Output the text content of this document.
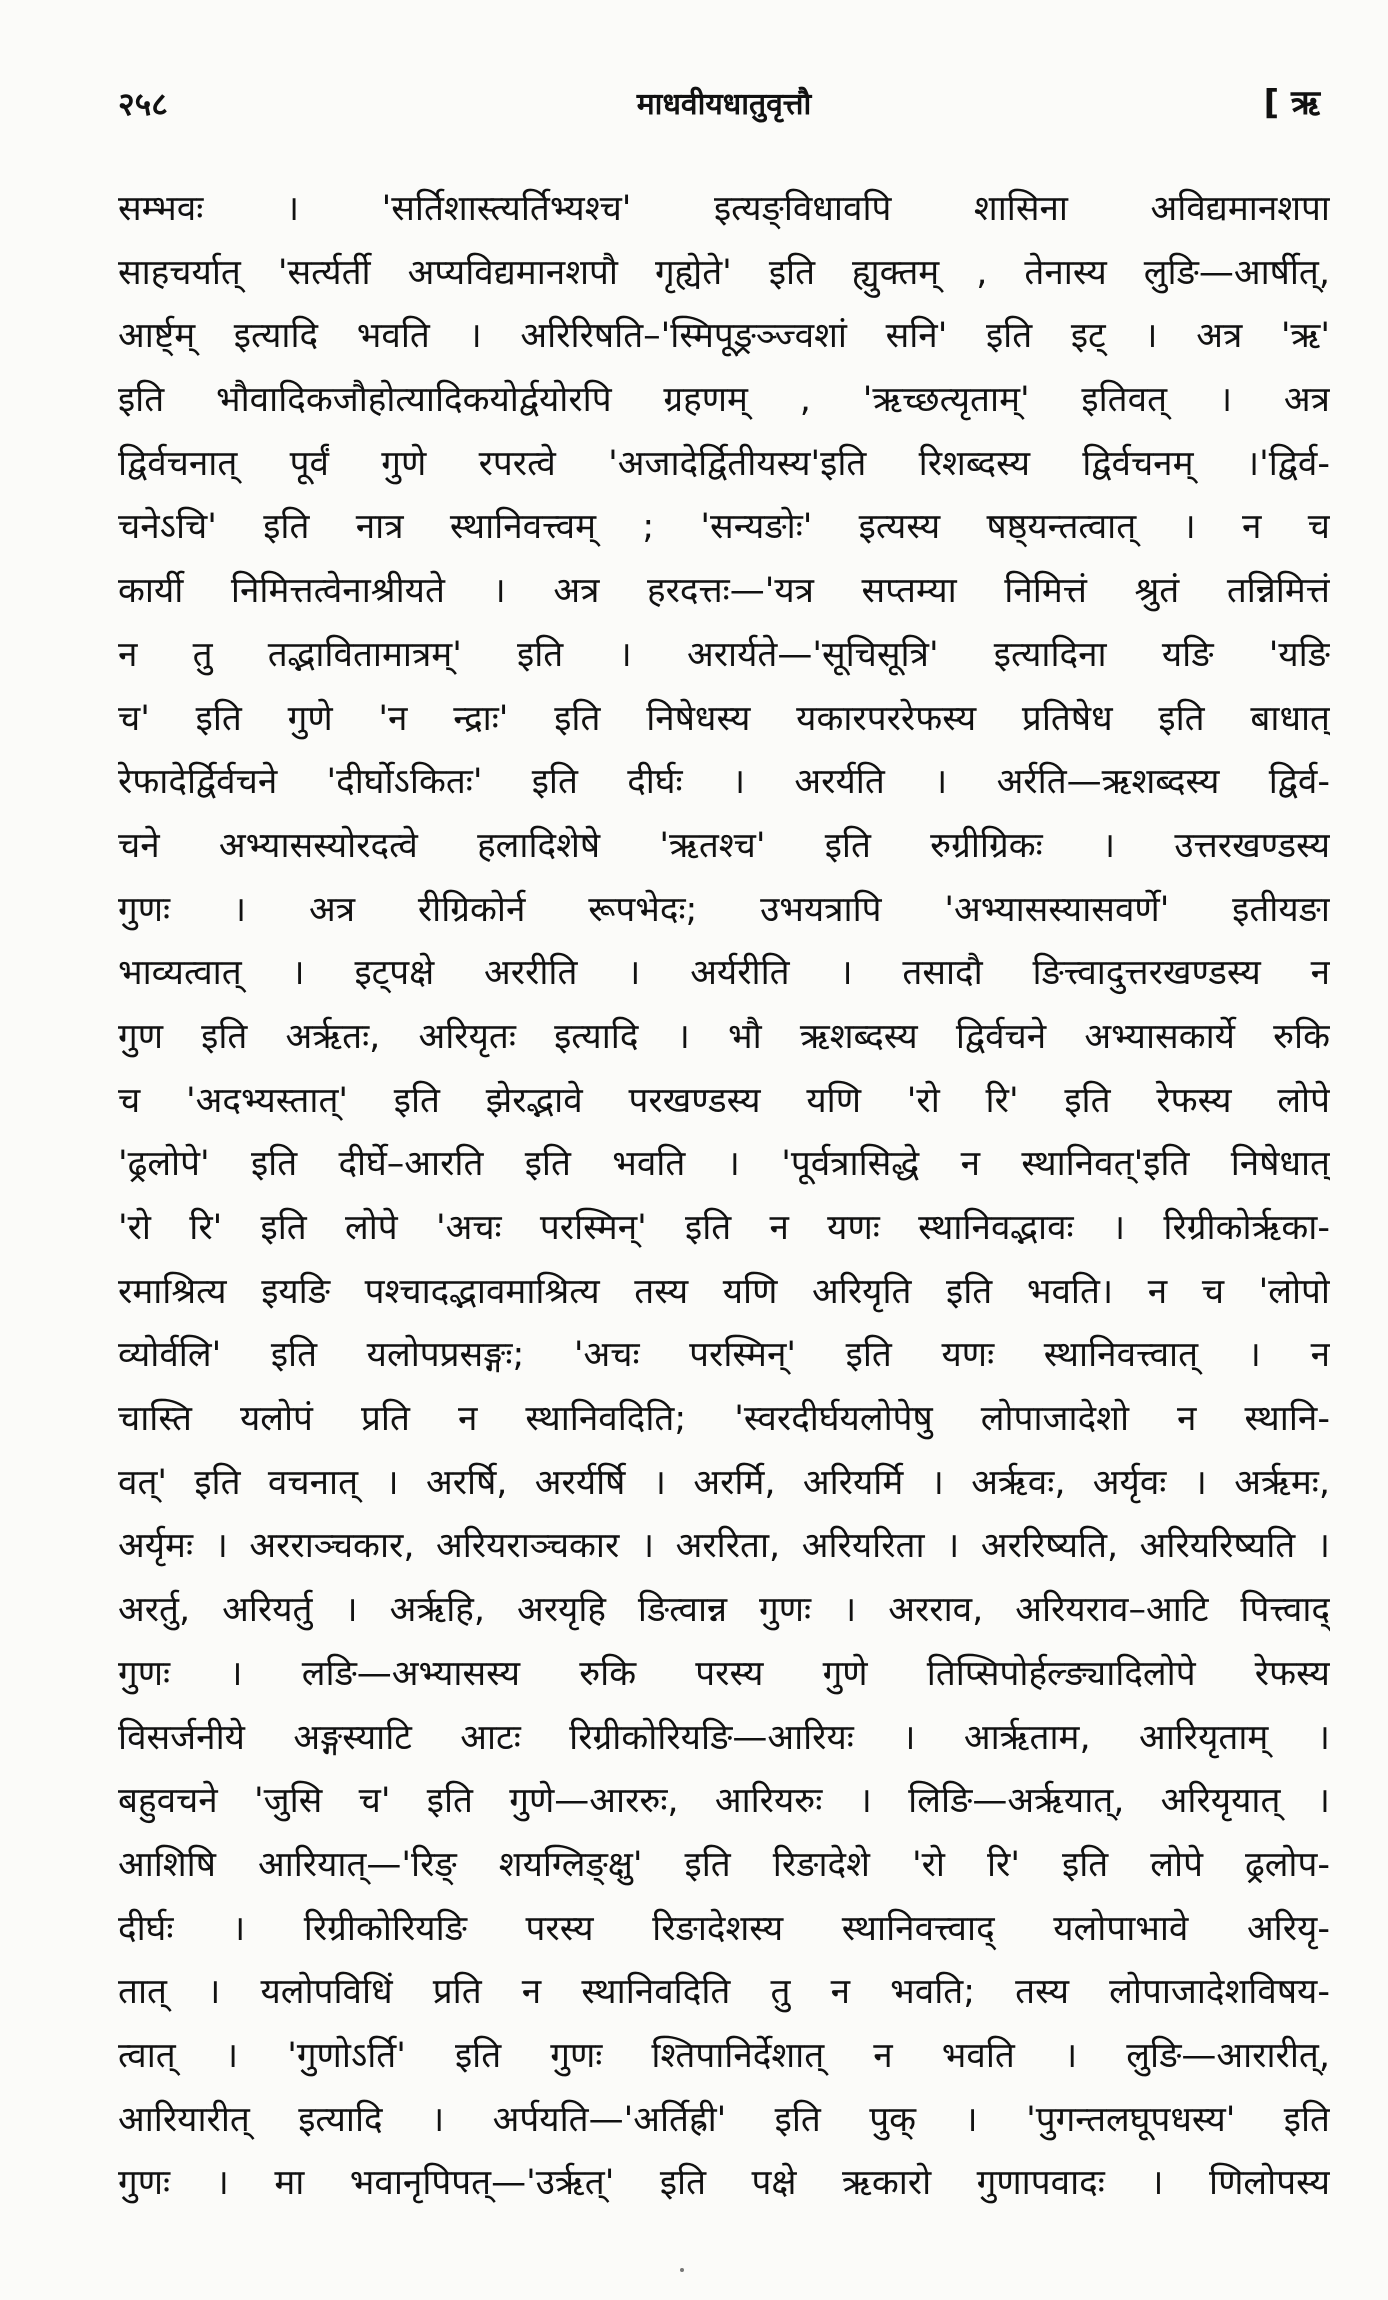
२५८	माधवीयधातुवृत्तौ	[ ऋ
सम्भवः । 'सर्तिशास्त्यर्तिभ्यश्च' इत्यङ्विधावपि शासिना अविद्यमानशपा
साहचर्यात् 'सर्त्यर्ती अप्यविद्यमानशपौ गृह्येते' इति ह्युक्तम् , तेनास्य लुङि—आर्षीत्,
आर्ष्ट्म् इत्यादि भवति । अरिरिषति–'स्मिपूङ्रञ्ज्वशां सनि' इति इट् । अत्र 'ऋ'
इति भौवादिकजौहोत्यादिकयोर्द्वयोरपि ग्रहणम् , 'ऋच्छत्यृताम्' इतिवत् । अत्र
द्विर्वचनात् पूर्वं गुणे रपरत्वे 'अजादेर्द्वितीयस्य'इति रिशब्दस्य द्विर्वचनम् ।'द्विर्व-
चनेऽचि' इति नात्र स्थानिवत्त्वम् ; 'सन्यङोः' इत्यस्य षष्ठ्यन्तत्वात् । न च
कार्यी निमित्तत्वेनाश्रीयते । अत्र हरदत्तः—'यत्र सप्तम्या निमित्तं श्रुतं तन्निमित्तं
न तु तद्भावितामात्रम्' इति । अरार्यते—'सूचिसूत्रि' इत्यादिना यङि 'यङि
च' इति गुणे 'न न्द्राः' इति निषेधस्य यकारपररेफस्य प्रतिषेध इति बाधात्
रेफादेर्द्विर्वचने 'दीर्घोऽकितः' इति दीर्घः । अरर्यति । अर्रति—ऋशब्दस्य द्विर्व-
चने अभ्यासस्योरदत्वे हलादिशेषे 'ऋतश्च' इति रुग्रीग्रिकः । उत्तरखण्डस्य
गुणः । अत्र रीग्रिकोर्न रूपभेदः; उभयत्रापि 'अभ्यासस्यासवर्णे' इतीयङा
भाव्यत्वात् । इट्पक्षे अररीति । अर्यरीति । तसादौ ङित्त्वादुत्तरखण्डस्य न
गुण इति अर्ऋतः, अरियृतः इत्यादि । भौ ऋशब्दस्य द्विर्वचने अभ्यासकार्ये रुकि
च 'अदभ्यस्तात्' इति झेरद्भावे परखण्डस्य यणि 'रो रि' इति रेफस्य लोपे
'ढ्रलोपे' इति दीर्घे–आरति इति भवति । 'पूर्वत्रासिद्धे न स्थानिवत्'इति निषेधात्
'रो रि' इति लोपे 'अचः परस्मिन्' इति न यणः स्थानिवद्भावः । रिग्रीकोर्ऋका-
रमाश्रित्य इयङि पश्चादद्भावमाश्रित्य तस्य यणि अरियृति इति भवति। न च 'लोपो
व्योर्वलि' इति यलोपप्रसङ्गः; 'अचः परस्मिन्' इति यणः स्थानिवत्त्वात् । न
चास्ति यलोपं प्रति न स्थानिवदिति; 'स्वरदीर्घयलोपेषु लोपाजादेशो न स्थानि-
वत्' इति वचनात् । अरर्षि, अरर्यर्षि । अरर्मि, अरियर्मि । अर्ऋवः, अर्यृवः । अर्ऋमः,
अर्यृमः । अरराञ्चकार, अरियराञ्चकार । अररिता, अरियरिता । अररिष्यति, अरियरिष्यति ।
अरर्तु, अरियर्तु । अर्ऋहि, अरयृहि ङित्वान्न गुणः । अरराव, अरियराव–आटि पित्त्वाद्
गुणः । लङि—अभ्यासस्य रुकि परस्य गुणे तिप्सिपोर्हल्ङ्यादिलोपे रेफस्य
विसर्जनीये अङ्गस्याटि आटः रिग्रीकोरियङि—आरियः । आर्ऋताम, आरियृताम् ।
बहुवचने 'जुसि च' इति गुणे—आररुः, आरियरुः । लिङि—अर्ऋयात्, अरियृयात् ।
आशिषि आरियात्—'रिङ् शयग्लिङ्क्षु' इति रिङादेशे 'रो रि' इति लोपे ढ्रलोप-
दीर्घः । रिग्रीकोरियङि परस्य रिङादेशस्य स्थानिवत्त्वाद् यलोपाभावे अरियृ-
तात् । यलोपविधिं प्रति न स्थानिवदिति तु न भवति; तस्य लोपाजादेशविषय-
त्वात् । 'गुणोऽर्ति' इति गुणः श्तिपानिर्देशात् न भवति । लुङि—आरारीत्,
आरियारीत् इत्यादि । अर्पयति—'अर्तिह्री' इति पुक् । 'पुगन्तलघूपधस्य' इति
गुणः । मा भवानृपिपत्—'उर्ऋत्' इति पक्षे ऋकारो गुणापवादः । णिलोपस्य
